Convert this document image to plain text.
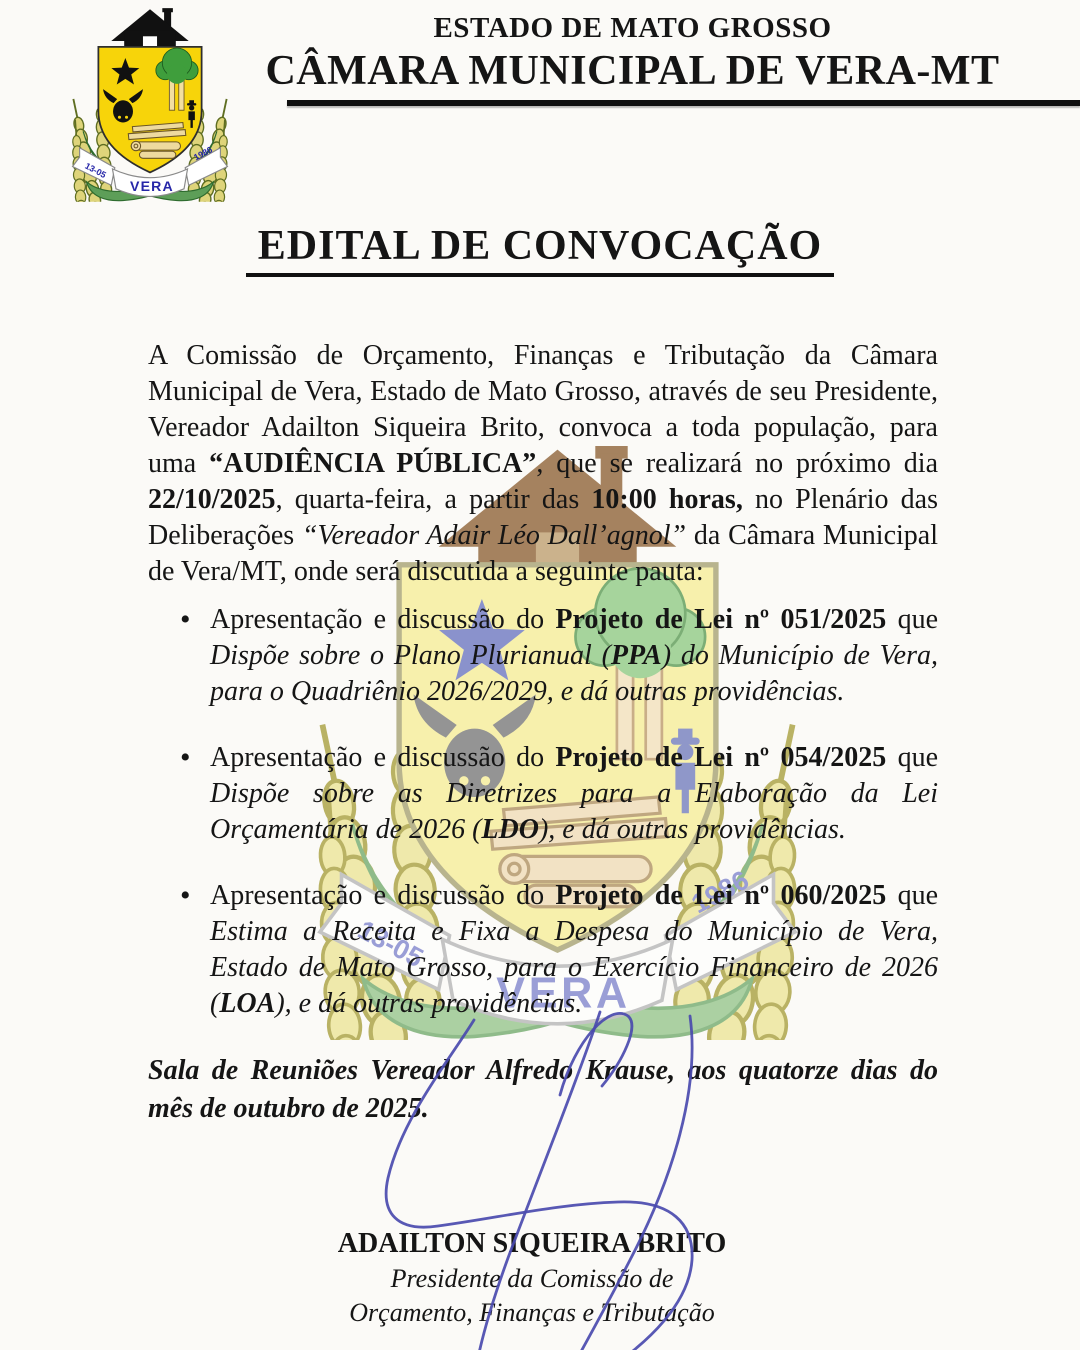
ESTADO DE MATO GROSSO

CÂMARA MUNICIPAL DE VERA-MT

EDITAL DE CONVOCAÇÃO

A Comissão de Orçamento, Finanças e Tributação da Câmara Municipal de Vera, Estado de Mato Grosso, através de seu Presidente, Vereador Adailton Siqueira Brito, convoca a toda população, para uma “AUDIÊNCIA PÚBLICA”, que se realizará no próximo dia 22/10/2025, quarta-feira, a partir das 10:00 horas, no Plenário das Deliberações “Vereador Adair Léo Dall’agnol” da Câmara Municipal de Vera/MT, onde será discutida a seguinte pauta:

• Apresentação e discussão do Projeto de Lei nº 051/2025 que Dispõe sobre o Plano Plurianual (PPA) do Município de Vera, para o Quadriênio 2026/2029, e dá outras providências.
• Apresentação e discussão do Projeto de Lei nº 054/2025 que Dispõe sobre as Diretrizes para a Elaboração da Lei Orçamentária de 2026 (LDO), e dá outras providências.
• Apresentação e discussão do Projeto de Lei nº 060/2025 que Estima a Receita e Fixa a Despesa do Município de Vera, Estado de Mato Grosso, para o Exercício Financeiro de 2026 (LOA), e dá outras providências.

Sala de Reuniões Vereador Alfredo Krause, aos quatorze dias do mês de outubro de 2025.

ADAILTON SIQUEIRA BRITO

Presidente da Comissão de

Orçamento, Finanças e Tributação
